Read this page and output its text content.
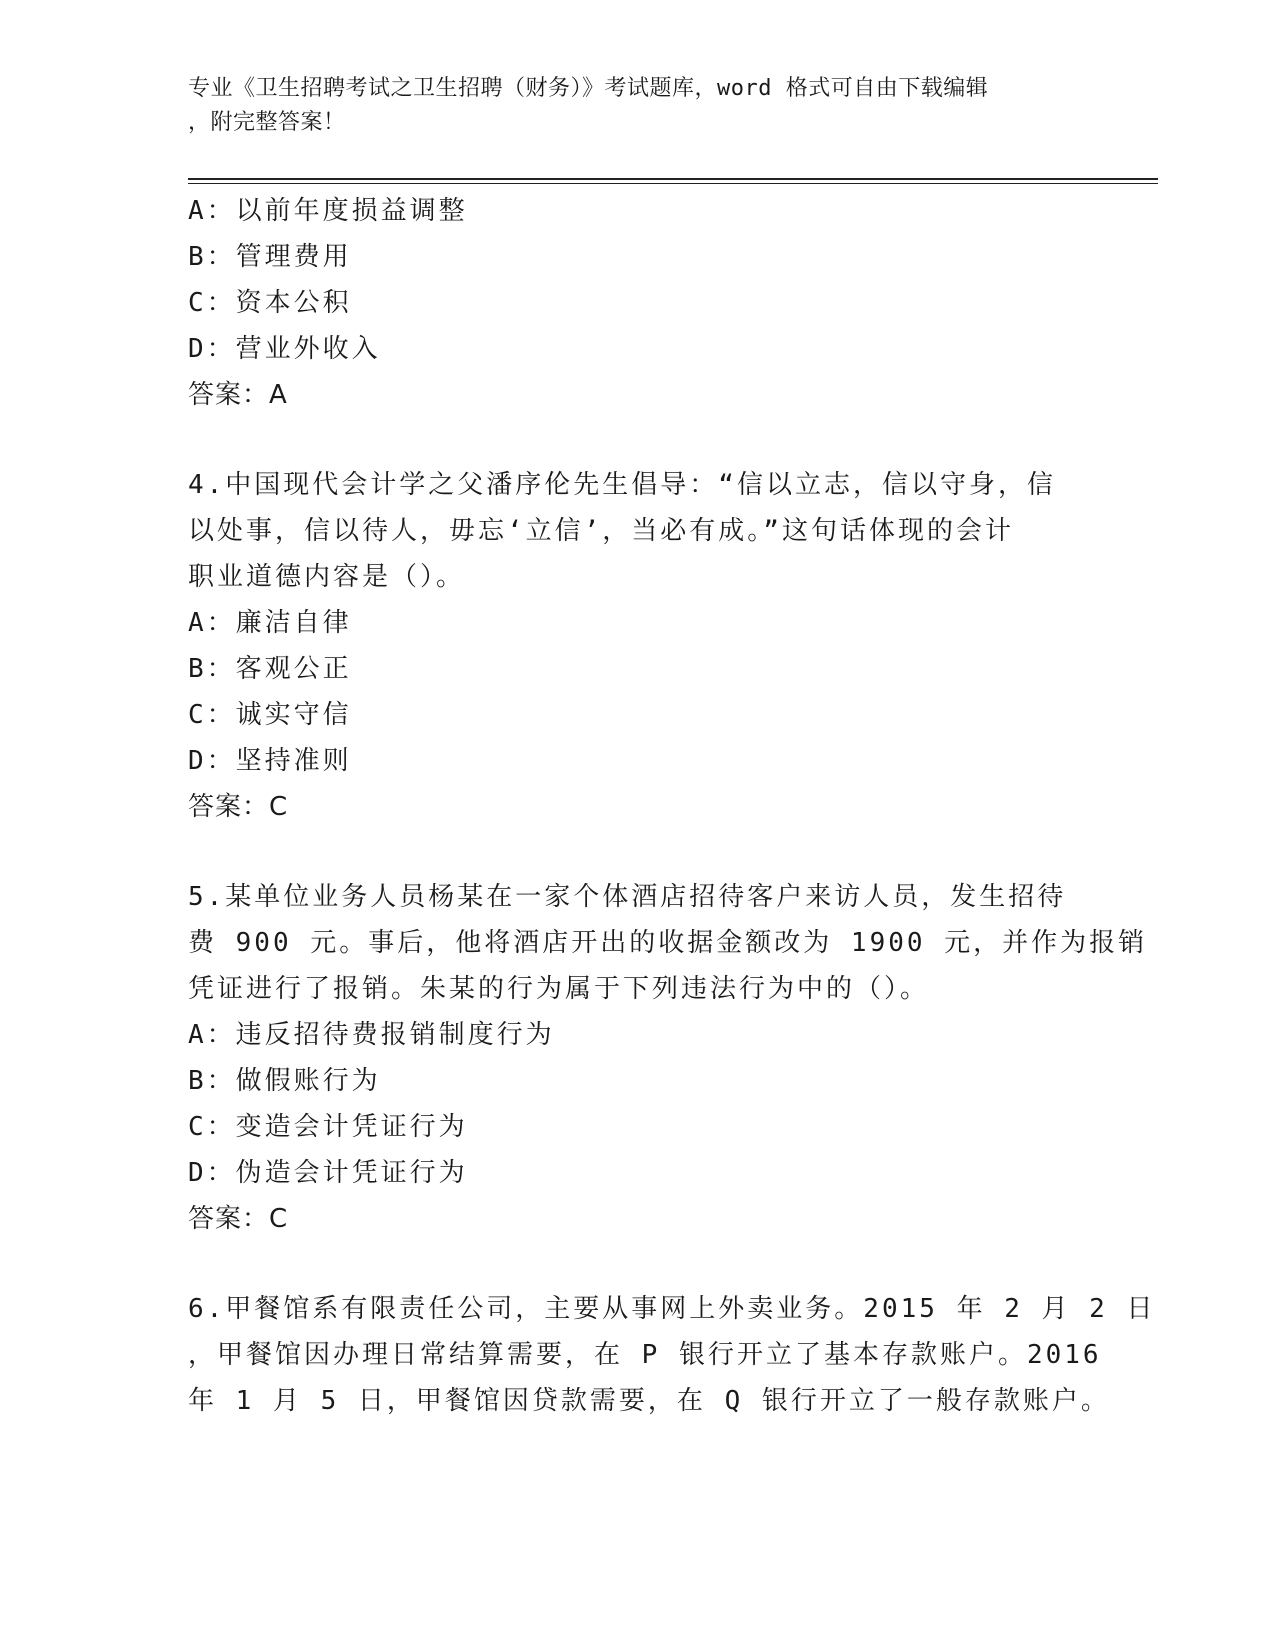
专业《卫生招聘考试之卫生招聘（财务）》考试题库，word 格式可自由下载编辑
，附完整答案！
A：以前年度损益调整
B：管理费用
C：资本公积
D：营业外收入
答案：A
4.中国现代会计学之父潘序伦先生倡导：“信以立志，信以守身，信
以处事，信以待人，毋忘‘立信’，当必有成。”这句话体现的会计
职业道德内容是（）。
A：廉洁自律
B：客观公正
C：诚实守信
D：坚持准则
答案：C
5.某单位业务人员杨某在一家个体酒店招待客户来访人员，发生招待
费 900 元。事后，他将酒店开出的收据金额改为 1900 元，并作为报销
凭证进行了报销。朱某的行为属于下列违法行为中的（）。
A：违反招待费报销制度行为
B：做假账行为
C：变造会计凭证行为
D：伪造会计凭证行为
答案：C
6.甲餐馆系有限责任公司，主要从事网上外卖业务。2015 年 2 月 2 日
，甲餐馆因办理日常结算需要，在 P 银行开立了基本存款账户。2016
年 1 月 5 日，甲餐馆因贷款需要，在 Q 银行开立了一般存款账户。
